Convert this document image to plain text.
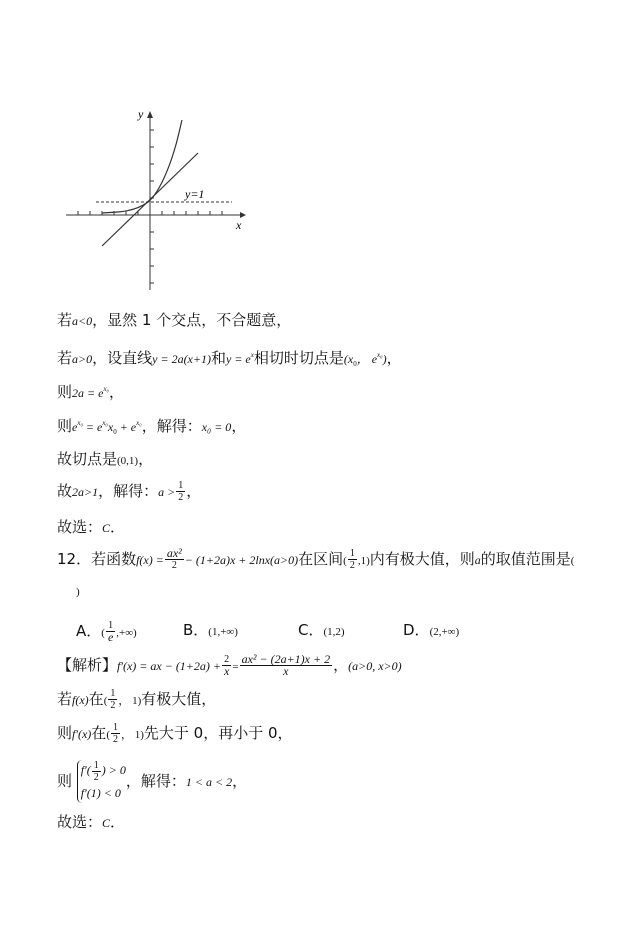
y
x
y=1
若a<0，显然 1 个交点，不合题意，
若a>0，设直线y = 2a(x+1)和$y = e^x$相切时切点是($x_0$， $e^{x_0}$)，
则$2a = e^{x_0}$，
则$e^{x_0} = e^{x_0}x_0 + e^{x_0}$，解得：x₀ = 0，
故切点是(0,1)，
故2a>1，解得：$a > \frac{1}{2}$ ，
故选：C．
12．若函数f(x) = ax²
2 − (1+2a)x + 2lnx(a>0)在区间( $\frac{1}{2} ,1$)内有极大值，则a的取值范围是(
)
A．(
1
e ,+∞)	B．(1,+∞)	C．(1,2)	D．(2,+∞)
【解析】f′(x) = ax − (1+2a) + 2
$x = \frac{\text{ax² − (2a+1)x + 2}}{x}$ ，(a>0, x>0)
若f(x)在( $\frac{1}{2}$ ， 1)有极大值，
则f′(x)在( $\frac{1}{2}$ ， 1)先大于 0，再小于 0，
则
$f'( \frac{1}{2}$ ) > 0
f′(1) < 0
，解得：1 < a < 2，
故选：C．
